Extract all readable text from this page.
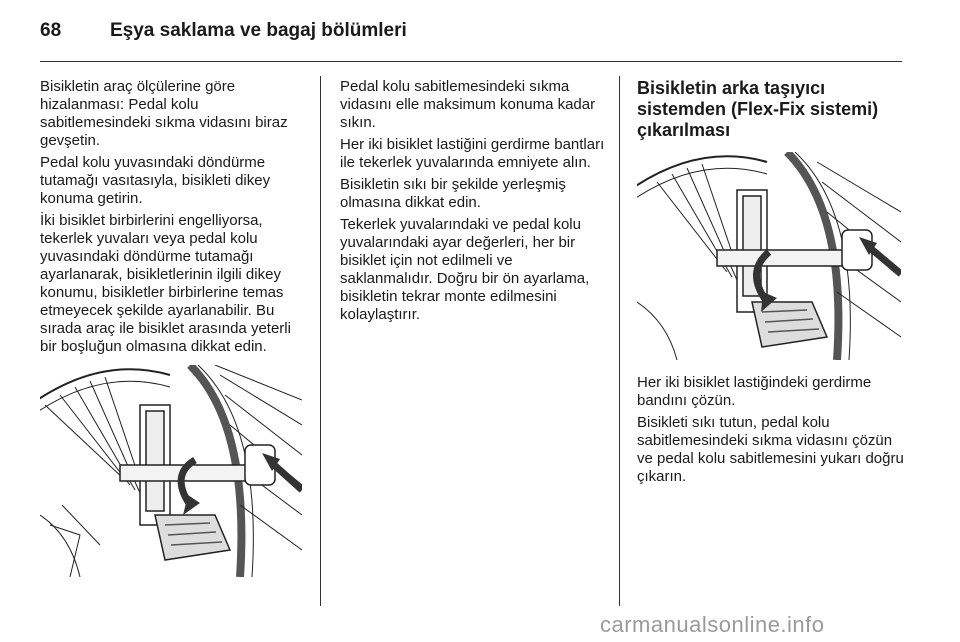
68	Eşya saklama ve bagaj bölümleri

Bisikletin araç ölçülerine göre hizalanması: Pedal kolu sabitlemesindeki sıkma vidasını biraz gevşetin.

Pedal kolu yuvasındaki döndürme tutamağı vasıtasıyla, bisikleti dikey konuma getirin.

İki bisiklet birbirlerini engelliyorsa, tekerlek yuvaları veya pedal kolu yuvasındaki döndürme tutamağı ayarlanarak, bisikletlerinin ilgili dikey konumu, bisikletler birbirlerine temas etmeyecek şekilde ayarlanabilir. Bu sırada araç ile bisiklet arasında yeterli bir boşluğun olmasına dikkat edin.

Pedal kolu sabitlemesindeki sıkma vidasını elle maksimum konuma kadar sıkın.

Her iki bisiklet lastiğini gerdirme bantları ile tekerlek yuvalarında emniyete alın.

Bisikletin sıkı bir şekilde yerleşmiş olmasına dikkat edin.

Tekerlek yuvalarındaki ve pedal kolu yuvalarındaki ayar değerleri, her bir bisiklet için not edilmeli ve saklanmalıdır. Doğru bir ön ayarlama, bisikletin tekrar monte edilmesini kolaylaştırır.

Bisikletin arka taşıyıcı sistemden (Flex-Fix sistemi) çıkarılması

Her iki bisiklet lastiğindeki gerdirme bandını çözün.

Bisikleti sıkı tutun, pedal kolu sabitlemesindeki sıkma vidasını çözün ve pedal kolu sabitlemesini yukarı doğru çıkarın.

carmanualsonline.info
